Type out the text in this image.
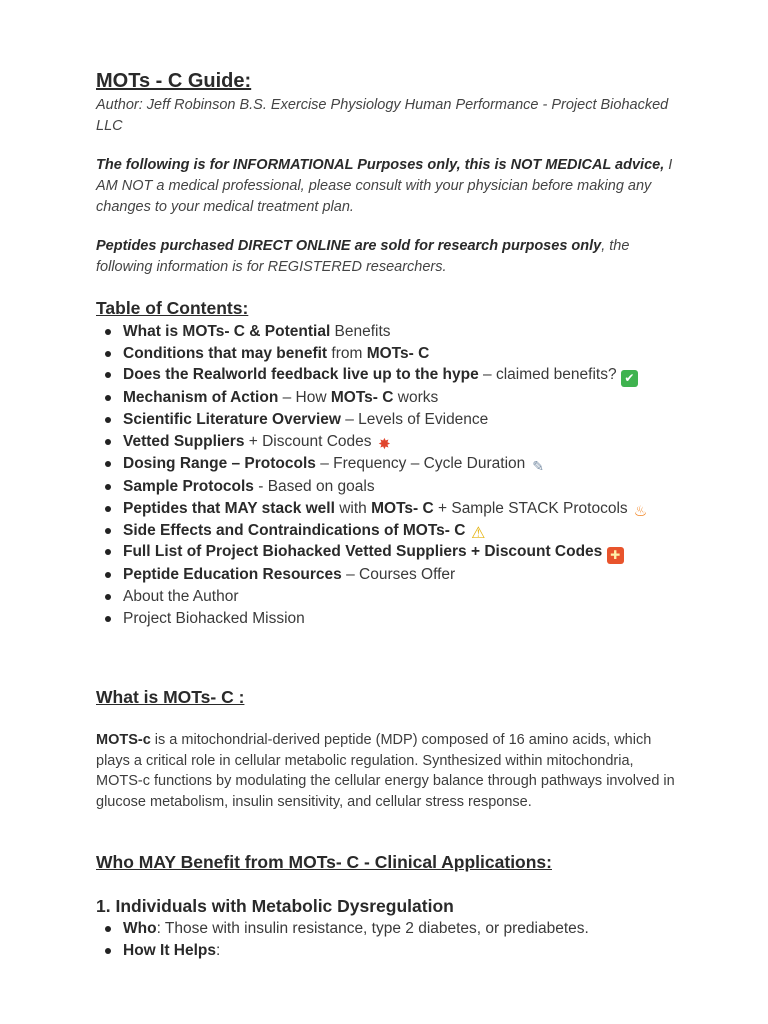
MOTs - C Guide:
Author: Jeff Robinson B.S. Exercise Physiology Human Performance - Project Biohacked LLC
The following is for INFORMATIONAL Purposes only, this is NOT MEDICAL advice, I AM NOT a medical professional, please consult with your physician before making any changes to your medical treatment plan.
Peptides purchased DIRECT ONLINE are sold for research purposes only, the following information is for REGISTERED researchers.
Table of Contents:
What is MOTs- C & Potential Benefits
Conditions that may benefit from MOTs- C
Does the Realworld feedback live up to the hype – claimed benefits? ✔
Mechanism of Action – How MOTs- C works
Scientific Literature Overview – Levels of Evidence
Vetted Suppliers + Discount Codes ✸
Dosing Range – Protocols – Frequency – Cycle Duration ✎
Sample Protocols - Based on goals
Peptides that MAY stack well with MOTs- C + Sample STACK Protocols ♨
Side Effects and Contraindications of MOTs- C ⚠
Full List of Project Biohacked Vetted Suppliers + Discount Codes ✚
Peptide Education Resources – Courses Offer
About the Author
Project Biohacked Mission
What is MOTs- C :
MOTS-c is a mitochondrial-derived peptide (MDP) composed of 16 amino acids, which plays a critical role in cellular metabolic regulation. Synthesized within mitochondria, MOTS-c functions by modulating the cellular energy balance through pathways involved in glucose metabolism, insulin sensitivity, and cellular stress response.
Who MAY Benefit from MOTs- C - Clinical Applications:
1. Individuals with Metabolic Dysregulation
Who: Those with insulin resistance, type 2 diabetes, or prediabetes.
How It Helps:
